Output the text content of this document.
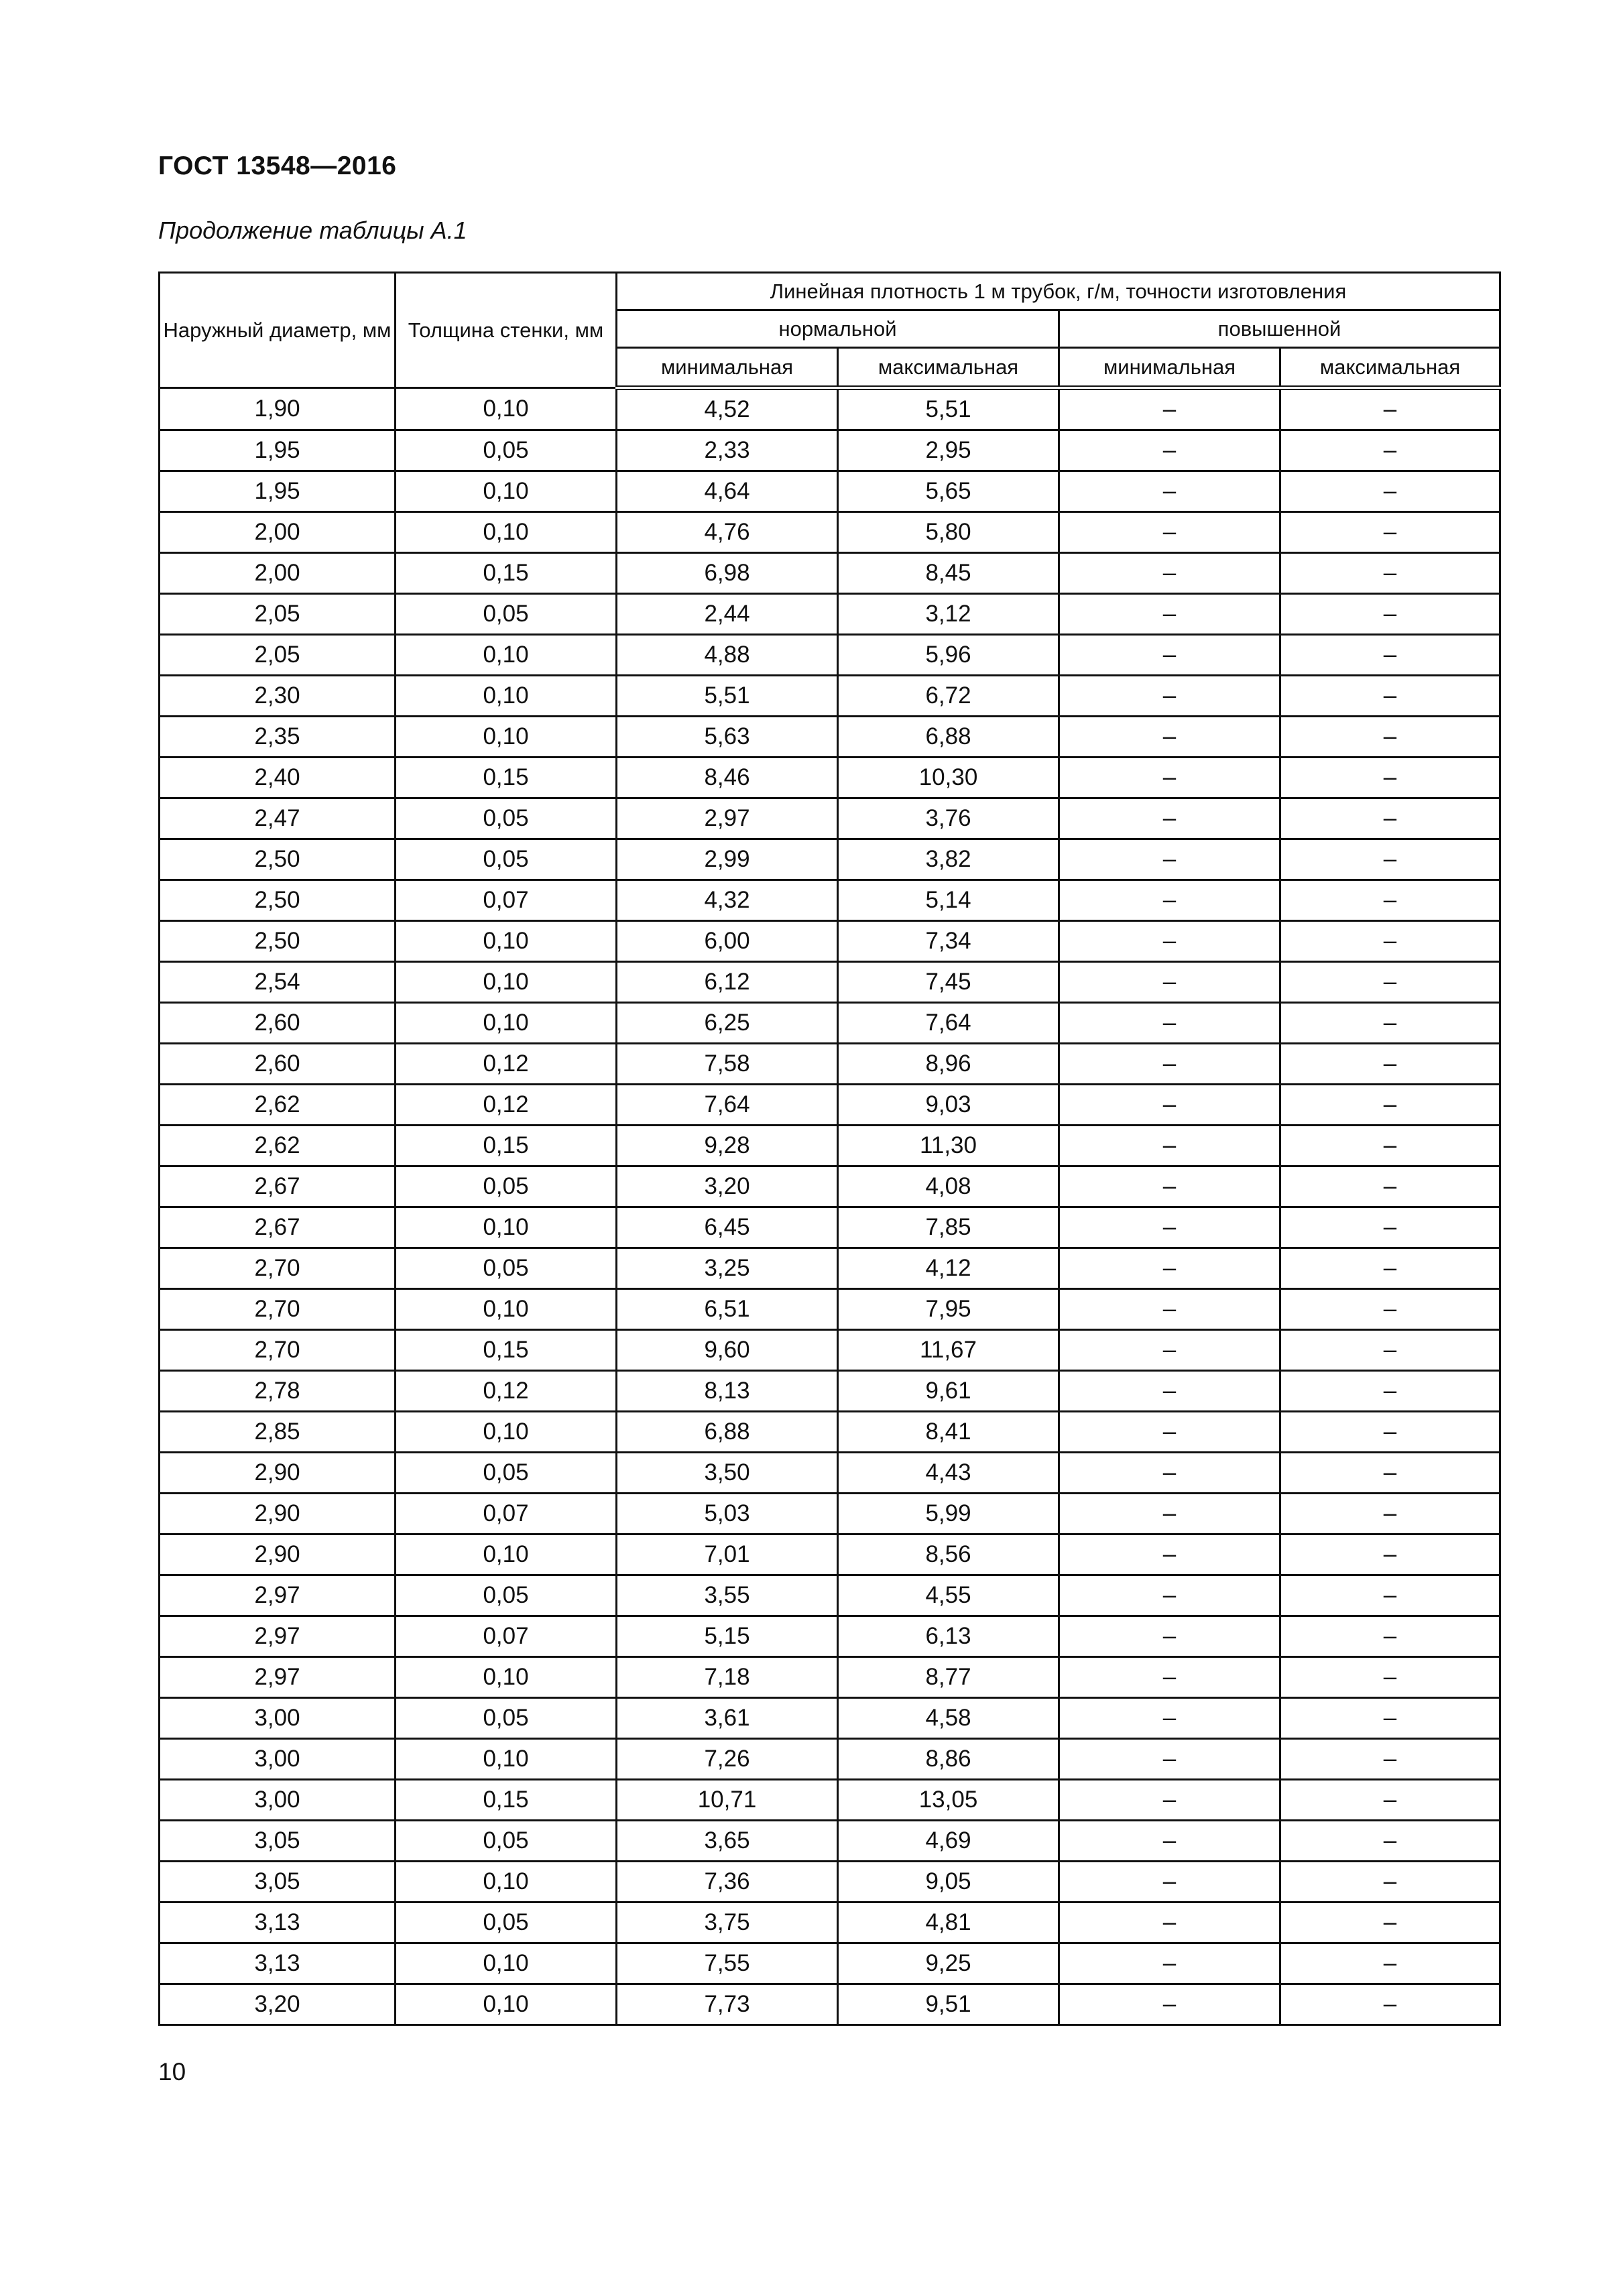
ГОСТ 13548—2016
Продолжение таблицы А.1
Наружный диаметр, мм	Толщина стенки, мм	Линейная плотность 1 м трубок, г/м, точности изготовления			
		нормальной		повышенной	
		минимальная	максимальная	минимальная	максимальная
1,90	0,10	4,52	5,51	–	–
1,95	0,05	2,33	2,95	–	–
1,95	0,10	4,64	5,65	–	–
2,00	0,10	4,76	5,80	–	–
2,00	0,15	6,98	8,45	–	–
2,05	0,05	2,44	3,12	–	–
2,05	0,10	4,88	5,96	–	–
2,30	0,10	5,51	6,72	–	–
2,35	0,10	5,63	6,88	–	–
2,40	0,15	8,46	10,30	–	–
2,47	0,05	2,97	3,76	–	–
2,50	0,05	2,99	3,82	–	–
2,50	0,07	4,32	5,14	–	–
2,50	0,10	6,00	7,34	–	–
2,54	0,10	6,12	7,45	–	–
2,60	0,10	6,25	7,64	–	–
2,60	0,12	7,58	8,96	–	–
2,62	0,12	7,64	9,03	–	–
2,62	0,15	9,28	11,30	–	–
2,67	0,05	3,20	4,08	–	–
2,67	0,10	6,45	7,85	–	–
2,70	0,05	3,25	4,12	–	–
2,70	0,10	6,51	7,95	–	–
2,70	0,15	9,60	11,67	–	–
2,78	0,12	8,13	9,61	–	–
2,85	0,10	6,88	8,41	–	–
2,90	0,05	3,50	4,43	–	–
2,90	0,07	5,03	5,99	–	–
2,90	0,10	7,01	8,56	–	–
2,97	0,05	3,55	4,55	–	–
2,97	0,07	5,15	6,13	–	–
2,97	0,10	7,18	8,77	–	–
3,00	0,05	3,61	4,58	–	–
3,00	0,10	7,26	8,86	–	–
3,00	0,15	10,71	13,05	–	–
3,05	0,05	3,65	4,69	–	–
3,05	0,10	7,36	9,05	–	–
3,13	0,05	3,75	4,81	–	–
3,13	0,10	7,55	9,25	–	–
3,20	0,10	7,73	9,51	–	–
10
